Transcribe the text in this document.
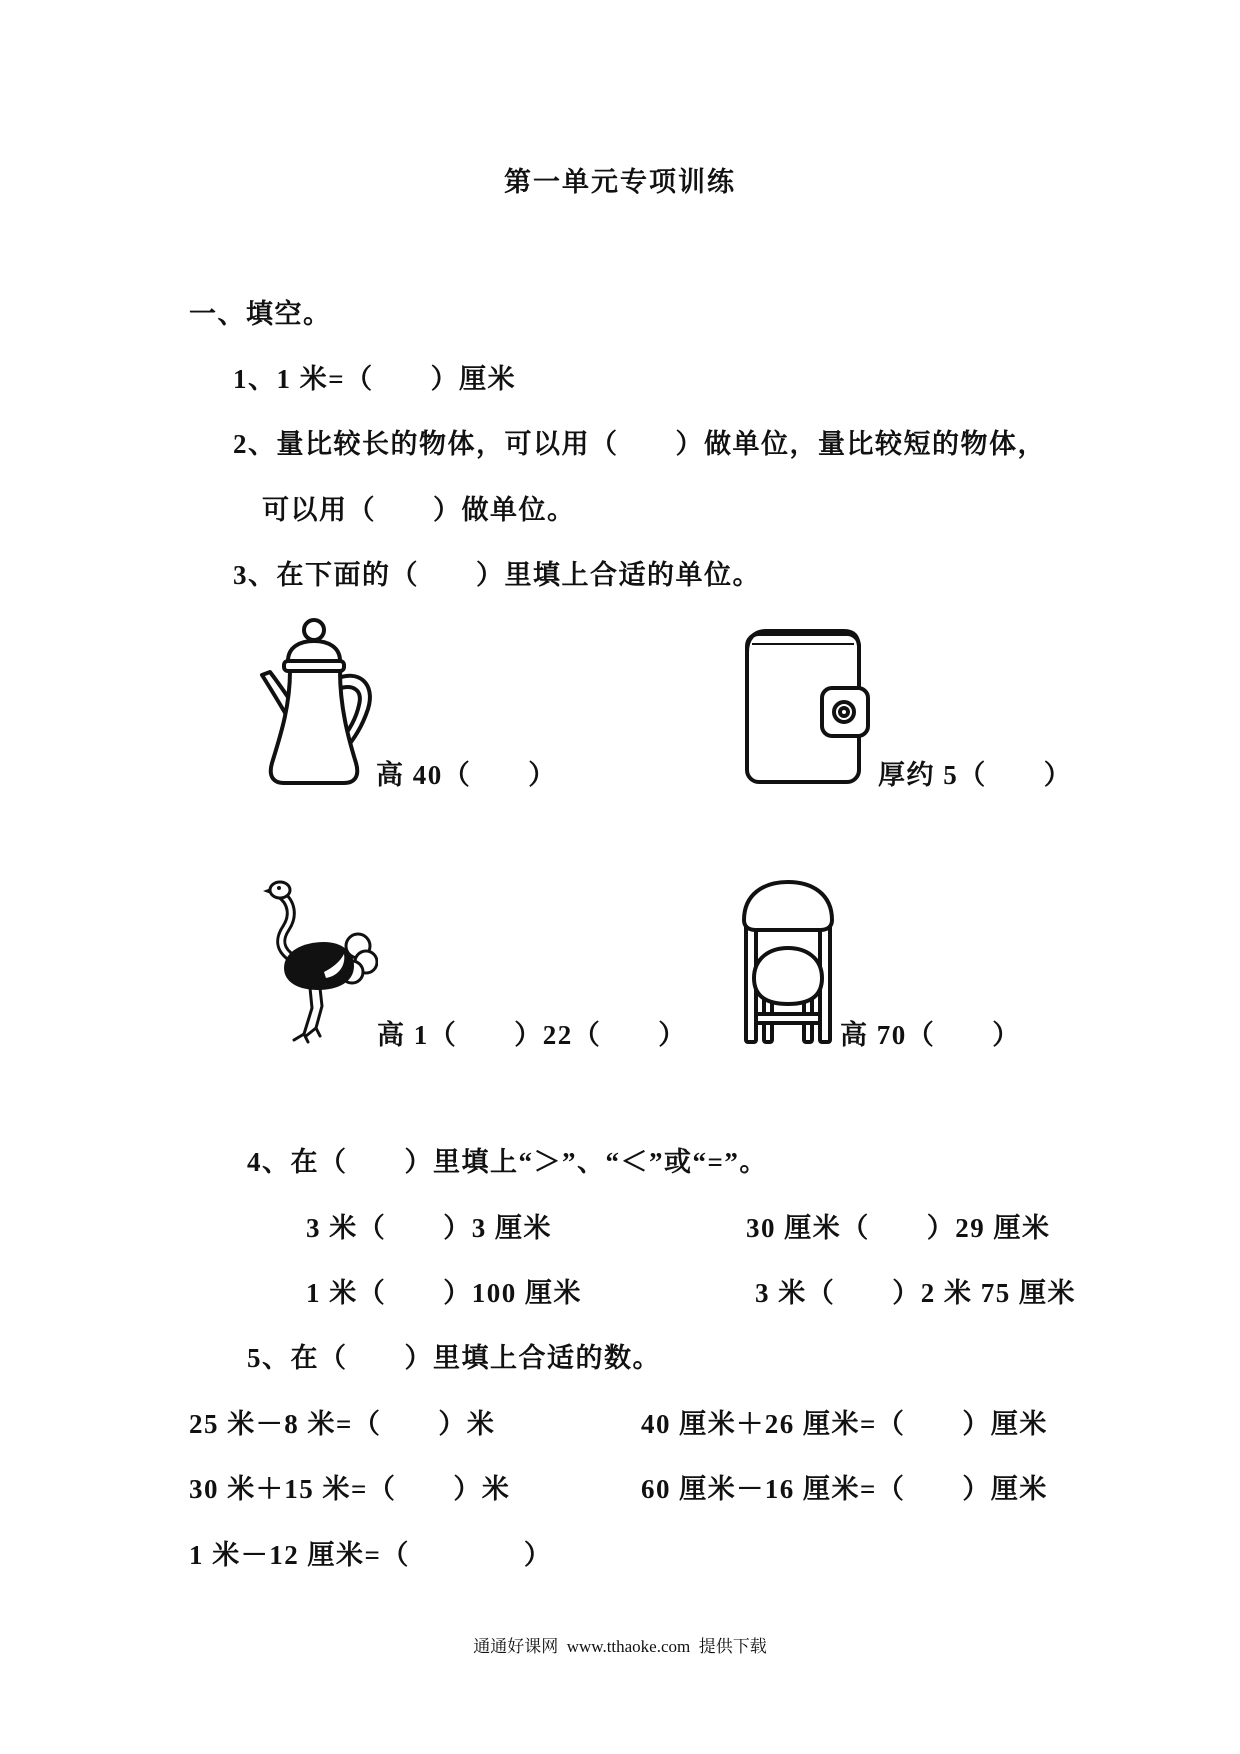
第一单元专项训练
一、填空。
1、1 米=（　　）厘米
2、量比较长的物体，可以用（　　）做单位，量比较短的物体，
可以用（　　）做单位。
3、在下面的（　　）里填上合适的单位。
高 40（　　）	厚约 5（　　）
高 1（　　）22（　　）	高 70（　　）
4、在（　　）里填上“＞”、“＜”或“=”。
3 米（　　）3 厘米	30 厘米（　　）29 厘米
1 米（　　）100 厘米	3 米（　　）2 米 75 厘米
5、在（　　）里填上合适的数。
25 米－8 米=（　　）米	40 厘米＋26 厘米=（　　）厘米
30 米＋15 米=（　　）米	60 厘米－16 厘米=（　　）厘米
1 米－12 厘米=（　　　　）
通通好课网  www.tthaoke.com  提供下载
